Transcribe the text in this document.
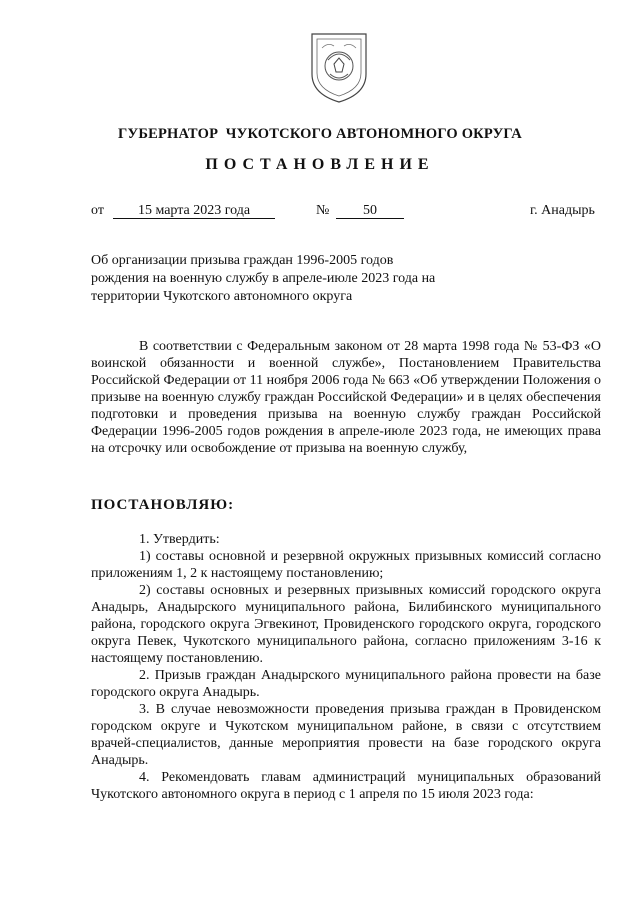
ГУБЕРНАТОР  ЧУКОТСКОГО АВТОНОМНОГО ОКРУГА
ПОСТАНОВЛЕНИЕ
от	15 марта 2023 года	№	50	г. Анадырь
Об организации призыва граждан 1996-2005 годов рождения на военную службу в апреле-июле 2023 года на территории Чукотского автономного округа

В соответствии с Федеральным законом от 28 марта 1998 года № 53-ФЗ «О воинской обязанности и военной службе», Постановлением Правительства Российской Федерации от 11 ноября 2006 года № 663 «Об утверждении Положения о призыве на военную службу граждан Российской Федерации» и в целях обеспечения подготовки и проведения призыва на военную службу граждан Российской Федерации 1996-2005 годов рождения в апреле-июле 2023 года, не имеющих права на отсрочку или освобождение от призыва на военную службу,

ПОСТАНОВЛЯЮ:

1. Утвердить:

1) составы основной и резервной окружных призывных комиссий согласно приложениям 1, 2 к настоящему постановлению;

2) составы основных и резервных призывных комиссий городского округа Анадырь, Анадырского муниципального района, Билибинского муниципального района, городского округа Эгвекинот, Провиденского городского округа, городского округа Певек, Чукотского муниципального района, согласно приложениям 3-16 к настоящему постановлению.

2. Призыв граждан Анадырского муниципального района провести на базе городского округа Анадырь.

3. В случае невозможности проведения призыва граждан в Провиденском городском округе и Чукотском муниципальном районе, в связи с отсутствием врачей-специалистов, данные мероприятия провести на базе городского округа Анадырь.

4. Рекомендовать главам администраций муниципальных образований Чукотского автономного округа в период с 1 апреля по 15 июля 2023 года:
